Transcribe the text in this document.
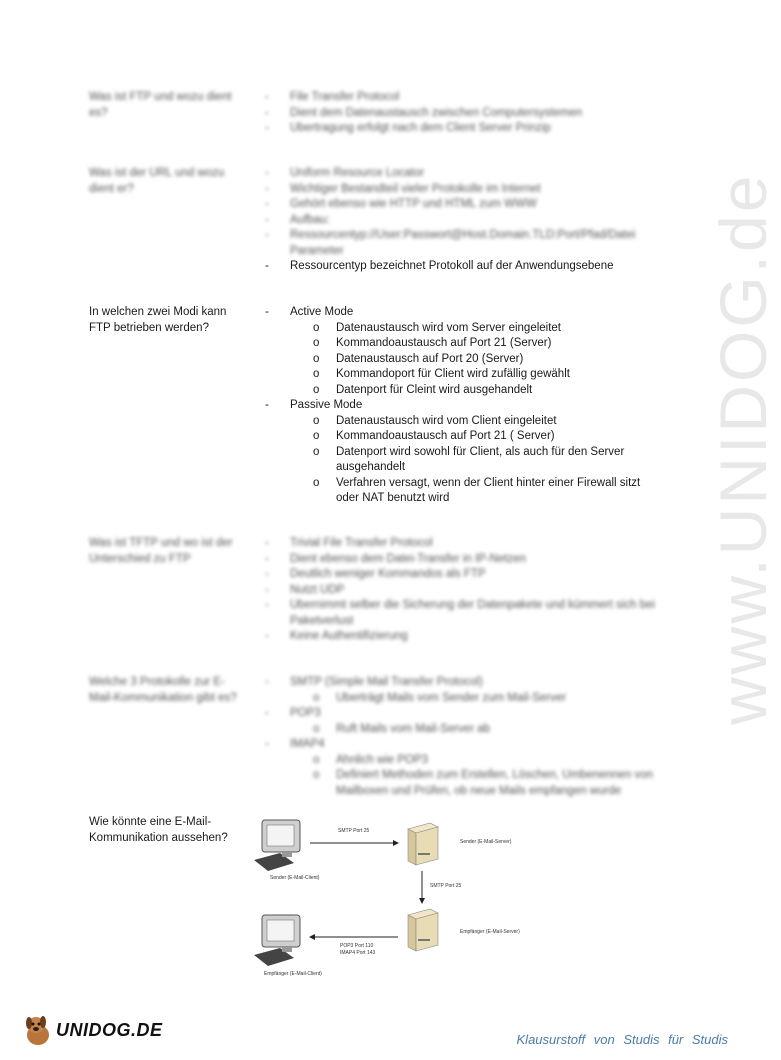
www.UNIDOG.de
Was ist FTP und wozu dient es?
-	File Transfer Protocol
-	Dient dem Datenaustausch zwischen Computersystemen
-	Übertragung erfolgt nach dem Client Server Prinzip
Was ist der URL und wozu dient er?
-	Uniform Resource Locator
-	Wichtiger Bestandteil vieler Protokolle im Internet
-	Gehört ebenso wie HTTP und HTML zum WWW
-	Aufbau:
-	Ressourcentyp://User:Passwort@Host.Domain.TLD:Port/Pfad/Datei Parameter
-	Ressourcentyp bezeichnet Protokoll auf der Anwendungsebene
In welchen zwei Modi kann FTP betrieben werden?
-	Active Mode
o	Datenaustausch wird vom Server eingeleitet
o	Kommandoaustausch auf Port 21 (Server)
o	Datenaustausch auf Port 20 (Server)
o	Kommandoport für Client wird zufällig gewählt
o	Datenport für Cleint wird ausgehandelt
-	Passive Mode
o	Datenaustausch wird vom Client eingeleitet
o	Kommandoaustausch auf Port 21 ( Server)
o	Datenport wird sowohl für Client, als auch für den Server ausgehandelt
o	Verfahren versagt, wenn der Client hinter einer Firewall sitzt oder NAT benutzt wird
Was ist TFTP und wo ist der Unterschied zu FTP
-	Trivial File Transfer Protocol
-	Dient ebenso dem Datei-Transfer in IP-Netzen
-	Deutlich weniger Kommandos als FTP
-	Nutzt UDP
-	Übernimmt selber die Sicherung der Datenpakete und kümmert sich bei Paketverlust
-	Keine Authentifizierung
Welche 3 Protokolle zur E-Mail-Kommunikation gibt es?
-	SMTP (Simple Mail Transfer Protocol)
o	Überträgt Mails vom Sender zum Mail-Server
-	POP3
o	Ruft Mails vom Mail-Server ab
-	IMAP4
o	Ähnlich wie POP3
o	Definiert Methoden zum Erstellen, Löschen, Umbenennen von Mailboxen und Prüfen, ob neue Mails empfangen wurde
Wie könnte eine E-Mail-Kommunikation aussehen?
Sender (E-Mail-Client)
SMTP Port 25
Sender (E-Mail-Server)
SMTP Port 25
Empfänger (E-Mail-Server)
POP3 Port 110
IMAP4 Port 143
Empfänger (E-Mail-Client)
UNIDOG.DE	Klausurstoff von Studis für Studis
